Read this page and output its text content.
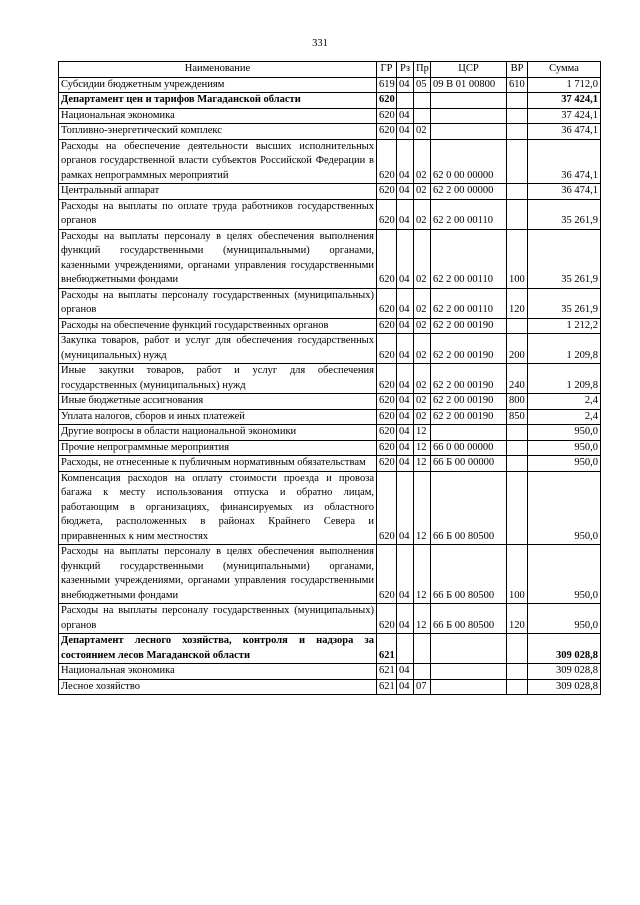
331
Наименование	ГР	Рз	Пр	ЦСР	ВР	Сумма
Субсидии бюджетным учреждениям	619	04	05	09 В 01 00800	610	1 712,0
Департамент цен и тарифов Магаданской области	620					37 424,1
Национальная экономика	620	04				37 424,1
Топливно-энергетический комплекс	620	04	02			36 474,1
Расходы на обеспечение деятельности высших исполнительных органов государственной власти субъектов Российской Федерации в рамках непрограммных мероприятий	620	04	02	62 0 00 00000		36 474,1
Центральный аппарат	620	04	02	62 2 00 00000		36 474,1
Расходы на выплаты по оплате труда работников государственных органов	620	04	02	62 2 00 00110		35 261,9
Расходы на выплаты персоналу в целях обеспечения выполнения функций государственными (муниципальными) органами, казенными учреждениями, органами управления государственными внебюджетными фондами	620	04	02	62 2 00 00110	100	35 261,9
Расходы на выплаты персоналу государственных (муниципальных) органов	620	04	02	62 2 00 00110	120	35 261,9
Расходы на обеспечение функций государственных органов	620	04	02	62 2 00 00190		1 212,2
Закупка товаров, работ и услуг для обеспечения государственных (муниципальных) нужд	620	04	02	62 2 00 00190	200	1 209,8
Иные закупки товаров, работ и услуг для обеспечения государственных (муниципальных) нужд	620	04	02	62 2 00 00190	240	1 209,8
Иные бюджетные ассигнования	620	04	02	62 2 00 00190	800	2,4
Уплата налогов, сборов и иных платежей	620	04	02	62 2 00 00190	850	2,4
Другие вопросы в области национальной экономики	620	04	12			950,0
Прочие непрограммные мероприятия	620	04	12	66 0 00 00000		950,0
Расходы, не отнесенные к публичным нормативным обязательствам	620	04	12	66 Б 00 00000		950,0
Компенсация расходов на оплату стоимости проезда и провоза багажа к месту использования отпуска и обратно лицам, работающим в организациях, финансируемых из областного бюджета, расположенных в районах Крайнего Севера и приравненных к ним местностях	620	04	12	66 Б 00 80500		950,0
Расходы на выплаты персоналу в целях обеспечения выполнения функций государственными (муниципальными) органами, казенными учреждениями, органами управления государственными внебюджетными фондами	620	04	12	66 Б 00 80500	100	950,0
Расходы на выплаты персоналу государственных (муниципальных) органов	620	04	12	66 Б 00 80500	120	950,0
Департамент лесного хозяйства, контроля и надзора за состоянием лесов Магаданской области	621					309 028,8
Национальная экономика	621	04				309 028,8
Лесное хозяйство	621	04	07			309 028,8
